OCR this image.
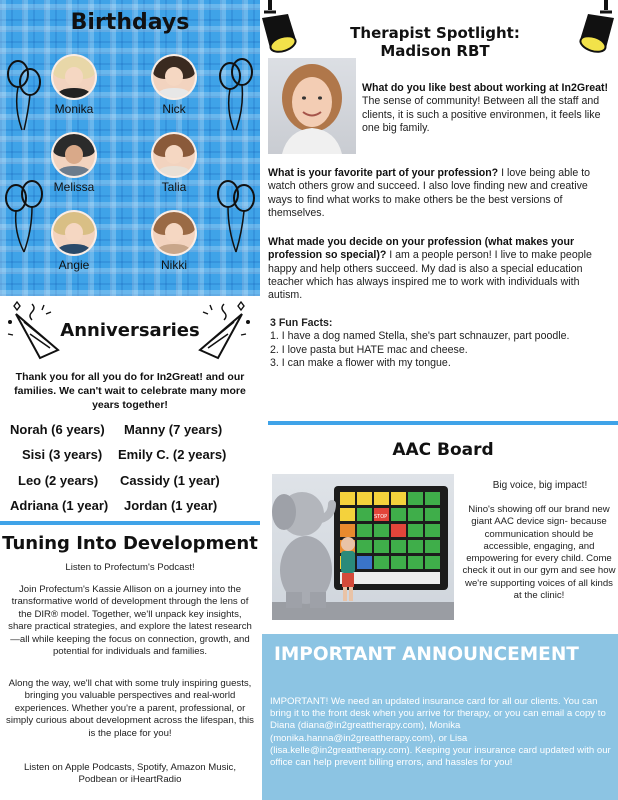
Birthdays
Monika	Nick
Melissa	Talia
Angie	Nikki
Anniversaries
Thank you for all you do for In2Great! and our families. We can't wait to celebrate many more years together!
Norah (6 years) Manny (7 years)
Sisi (3 years) Emily C. (2 years)
Leo (2 years) Cassidy (1 year)
Adriana (1 year) Jordan (1 year)
Tuning Into Development
Listen to Profectum's Podcast!
Join Profectum's Kassie Allison on a journey into the transformative world of development through the lens of the DIR® model. Together, we'll unpack key insights, share practical strategies, and explore the latest research—all while keeping the focus on connection, growth, and potential for individuals and families.
Along the way, we'll chat with some truly inspiring guests, bringing you valuable perspectives and real-world experiences. Whether you're a parent, professional, or simply curious about development across the lifespan, this is the place for you!
Listen on Apple Podcasts, Spotify, Amazon Music, Podbean or iHeartRadio
Therapist Spotlight:
Madison RBT
What do you like best about working at In2Great! The sense of community! Between all the staff and clients, it is such a positive environmen, it feels like one big family.
What is your favorite part of your profession? I love being able to watch others grow and succeed. I also love finding new and creative ways to find what works to make others be the best versions of themselves.
What made you decide on your profession (what makes your profession so special)? I am a people person! I live to make people happy and help others succeed. My dad is also a special education teacher which has always inspired me to work with individuals with autism.
3 Fun Facts:
1. I have a dog named Stella, she's part schnauzer, part poodle.
2. I love pasta but HATE mac and cheese.
3. I can make a flower with my tongue.
AAC Board
STOP
Big voice, big impact!
Nino's showing off our brand new giant AAC device sign- because communication should be accessible, engaging, and empowering for every child. Come check it out in our gym and see how we're supporting voices of all kinds at the clinic!
IMPORTANT ANNOUNCEMENT
IMPORTANT! We need an updated insurance card for all our clients. You can bring it to the front desk when you arrive for therapy, or you can email a copy to Diana (diana@in2greattherapy.com), Monika (monika.hanna@in2greattherapy.com), or Lisa (lisa.kelle@in2greattherapy.com). Keeping your insurance card updated with our office can help prevent billing errors, and hassles for you!
